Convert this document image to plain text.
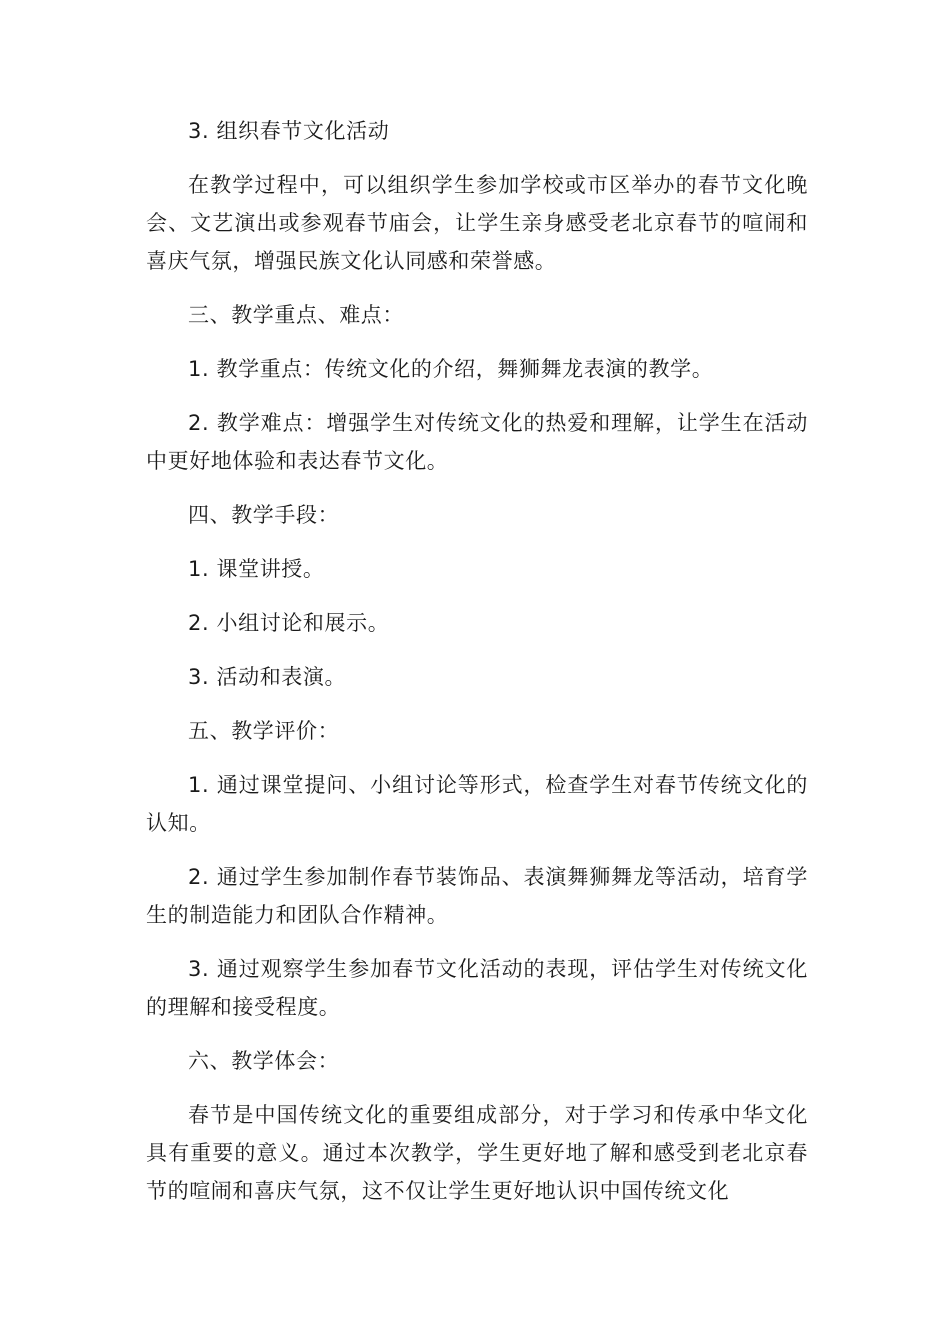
3. 组织春节文化活动

在教学过程中，可以组织学生参加学校或市区举办的春节文化晚会、文艺演出或参观春节庙会，让学生亲身感受老北京春节的喧闹和喜庆气氛，增强民族文化认同感和荣誉感。

三、教学重点、难点：

1. 教学重点：传统文化的介绍，舞狮舞龙表演的教学。

2. 教学难点：增强学生对传统文化的热爱和理解，让学生在活动中更好地体验和表达春节文化。

四、教学手段：

1. 课堂讲授。

2. 小组讨论和展示。

3. 活动和表演。

五、教学评价：

1. 通过课堂提问、小组讨论等形式，检查学生对春节传统文化的认知。

2. 通过学生参加制作春节装饰品、表演舞狮舞龙等活动，培育学生的制造能力和团队合作精神。

3. 通过观察学生参加春节文化活动的表现，评估学生对传统文化的理解和接受程度。

六、教学体会：

春节是中国传统文化的重要组成部分，对于学习和传承中华文化具有重要的意义。通过本次教学，学生更好地了解和感受到老北京春节的喧闹和喜庆气氛，这不仅让学生更好地认识中国传统文化
